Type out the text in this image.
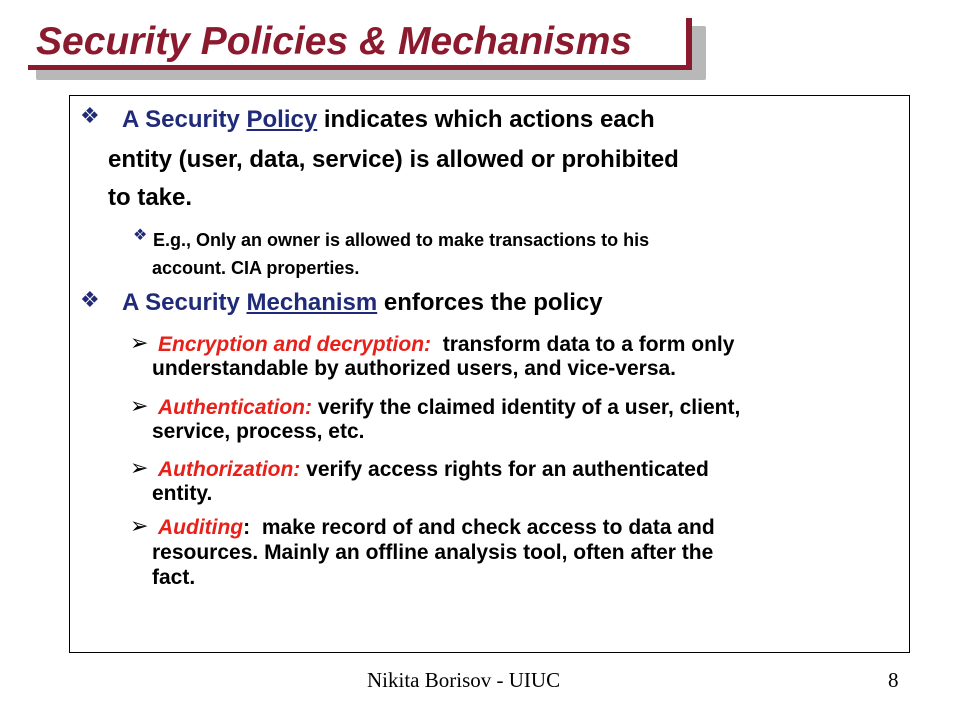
Security Policies & Mechanisms
❖ A Security Policy indicates which actions each
entity (user, data, service) is allowed or prohibited
to take.
❖ E.g., Only an owner is allowed to make transactions to his
account. CIA properties.
❖ A Security Mechanism enforces the policy
➢ Encryption and decryption: transform data to a form only
understandable by authorized users, and vice-versa.
➢ Authentication: verify the claimed identity of a user, client,
service, process, etc.
➢ Authorization: verify access rights for an authenticated
entity.
➢ Auditing: make record of and check access to data and
resources. Mainly an offline analysis tool, often after the
fact.
Nikita Borisov - UIUC	8
